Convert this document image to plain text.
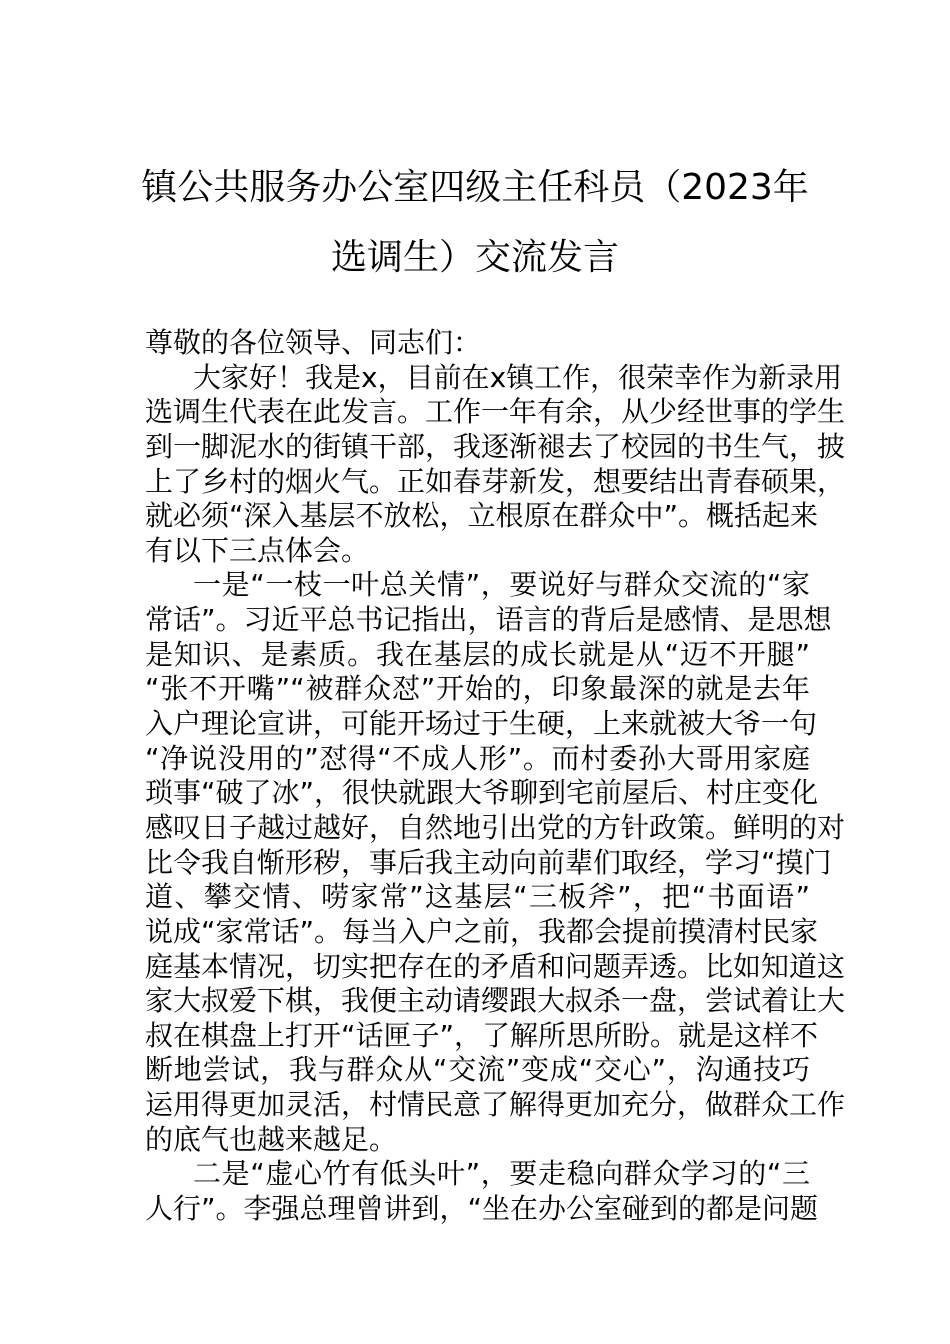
镇公共服务办公室四级主任科员（2023年
选调生）交流发言
尊敬的各位领导、同志们：
大家好！我是x，目前在x镇工作，很荣幸作为新录用
选调生代表在此发言。工作一年有余，从少经世事的学生
到一脚泥水的街镇干部，我逐渐褪去了校园的书生气，披
上了乡村的烟火气。正如春芽新发，想要结出青春硕果，
就必须“深入基层不放松，立根原在群众中”。概括起来
有以下三点体会。
一是“一枝一叶总关情”，要说好与群众交流的“家
常话”。习近平总书记指出，语言的背后是感情、是思想
是知识、是素质。我在基层的成长就是从“迈不开腿”
“张不开嘴”“被群众怼”开始的，印象最深的就是去年
入户理论宣讲，可能开场过于生硬，上来就被大爷一句
“净说没用的”怼得“不成人形”。而村委孙大哥用家庭
琐事“破了冰”，很快就跟大爷聊到宅前屋后、村庄变化
感叹日子越过越好，自然地引出党的方针政策。鲜明的对
比令我自惭形秽，事后我主动向前辈们取经，学习“摸门
道、攀交情、唠家常”这基层“三板斧”，把“书面语”
说成“家常话”。每当入户之前，我都会提前摸清村民家
庭基本情况，切实把存在的矛盾和问题弄透。比如知道这
家大叔爱下棋，我便主动请缨跟大叔杀一盘，尝试着让大
叔在棋盘上打开“话匣子”，了解所思所盼。就是这样不
断地尝试，我与群众从“交流”变成“交心”，沟通技巧
运用得更加灵活，村情民意了解得更加充分，做群众工作
的底气也越来越足。
二是“虚心竹有低头叶”，要走稳向群众学习的“三
人行”。李强总理曾讲到，“坐在办公室碰到的都是问题
